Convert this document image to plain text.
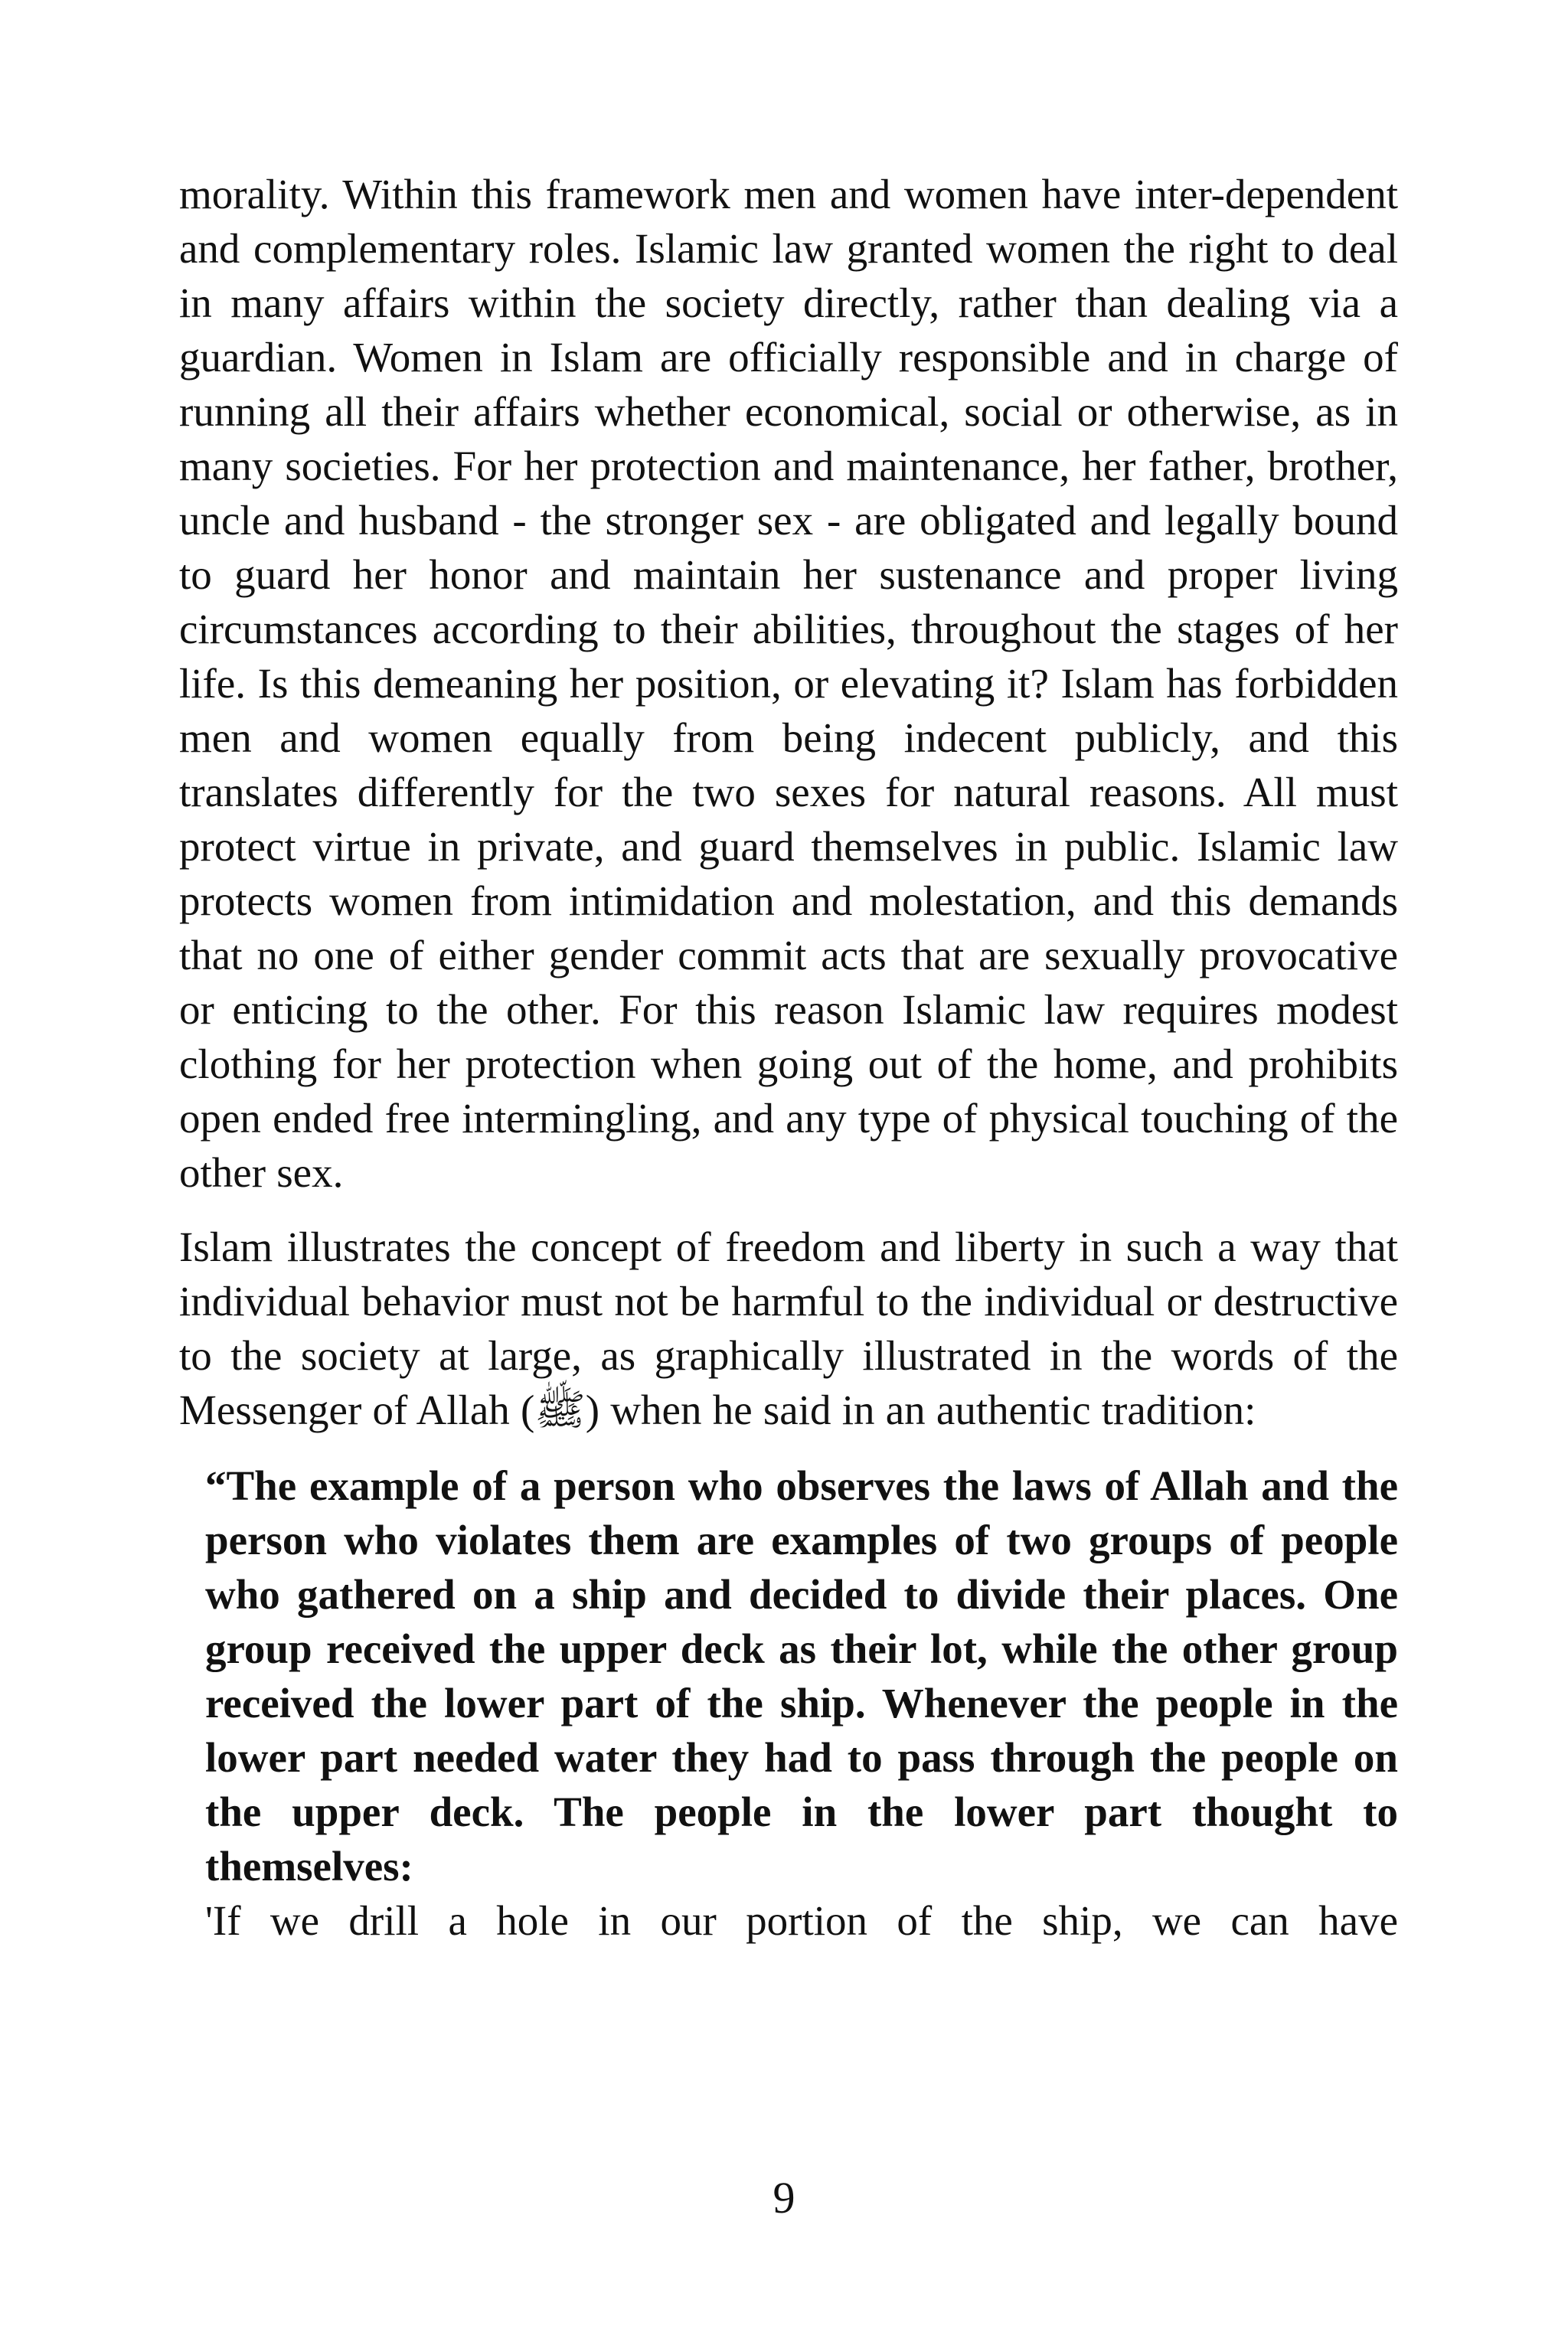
morality. Within this framework men and women have inter-dependent and complementary roles. Islamic law granted women the right to deal in many affairs within the society directly, rather than dealing via a guardian. Women in Islam are officially responsible and in charge of running all their affairs whether economical, social or otherwise, as in many societies. For her protection and maintenance, her father, brother, uncle and husband - the stronger sex - are obligated and legally bound to guard her honor and maintain her sustenance and proper living circumstances according to their abilities, throughout the stages of her life. Is this demeaning her position, or elevating it? Islam has forbidden men and women equally from being indecent publicly, and this translates differently for the two sexes for natural reasons. All must protect virtue in private, and guard themselves in public. Islamic law protects women from intimidation and molestation, and this demands that no one of either gender commit acts that are sexually provocative or enticing to the other. For this reason Islamic law requires modest clothing for her protection when going out of the home, and prohibits open ended free intermingling, and any type of physical touching of the other sex.

Islam illustrates the concept of freedom and liberty in such a way that individual behavior must not be harmful to the individual or destructive to the society at large, as graphically illustrated in the words of the Messenger of Allah (ﷺ) when he said in an authentic tradition:

“The example of a person who observes the laws of Allah and the person who violates them are examples of two groups of people who gathered on a ship and decided to divide their places. One group received the upper deck as their lot, while the other group received the lower part of the ship. Whenever the people in the lower part needed water they had to pass through the people on the upper deck. The people in the lower part thought to themselves:
'If we drill a hole in our portion of the ship, we can have
9
